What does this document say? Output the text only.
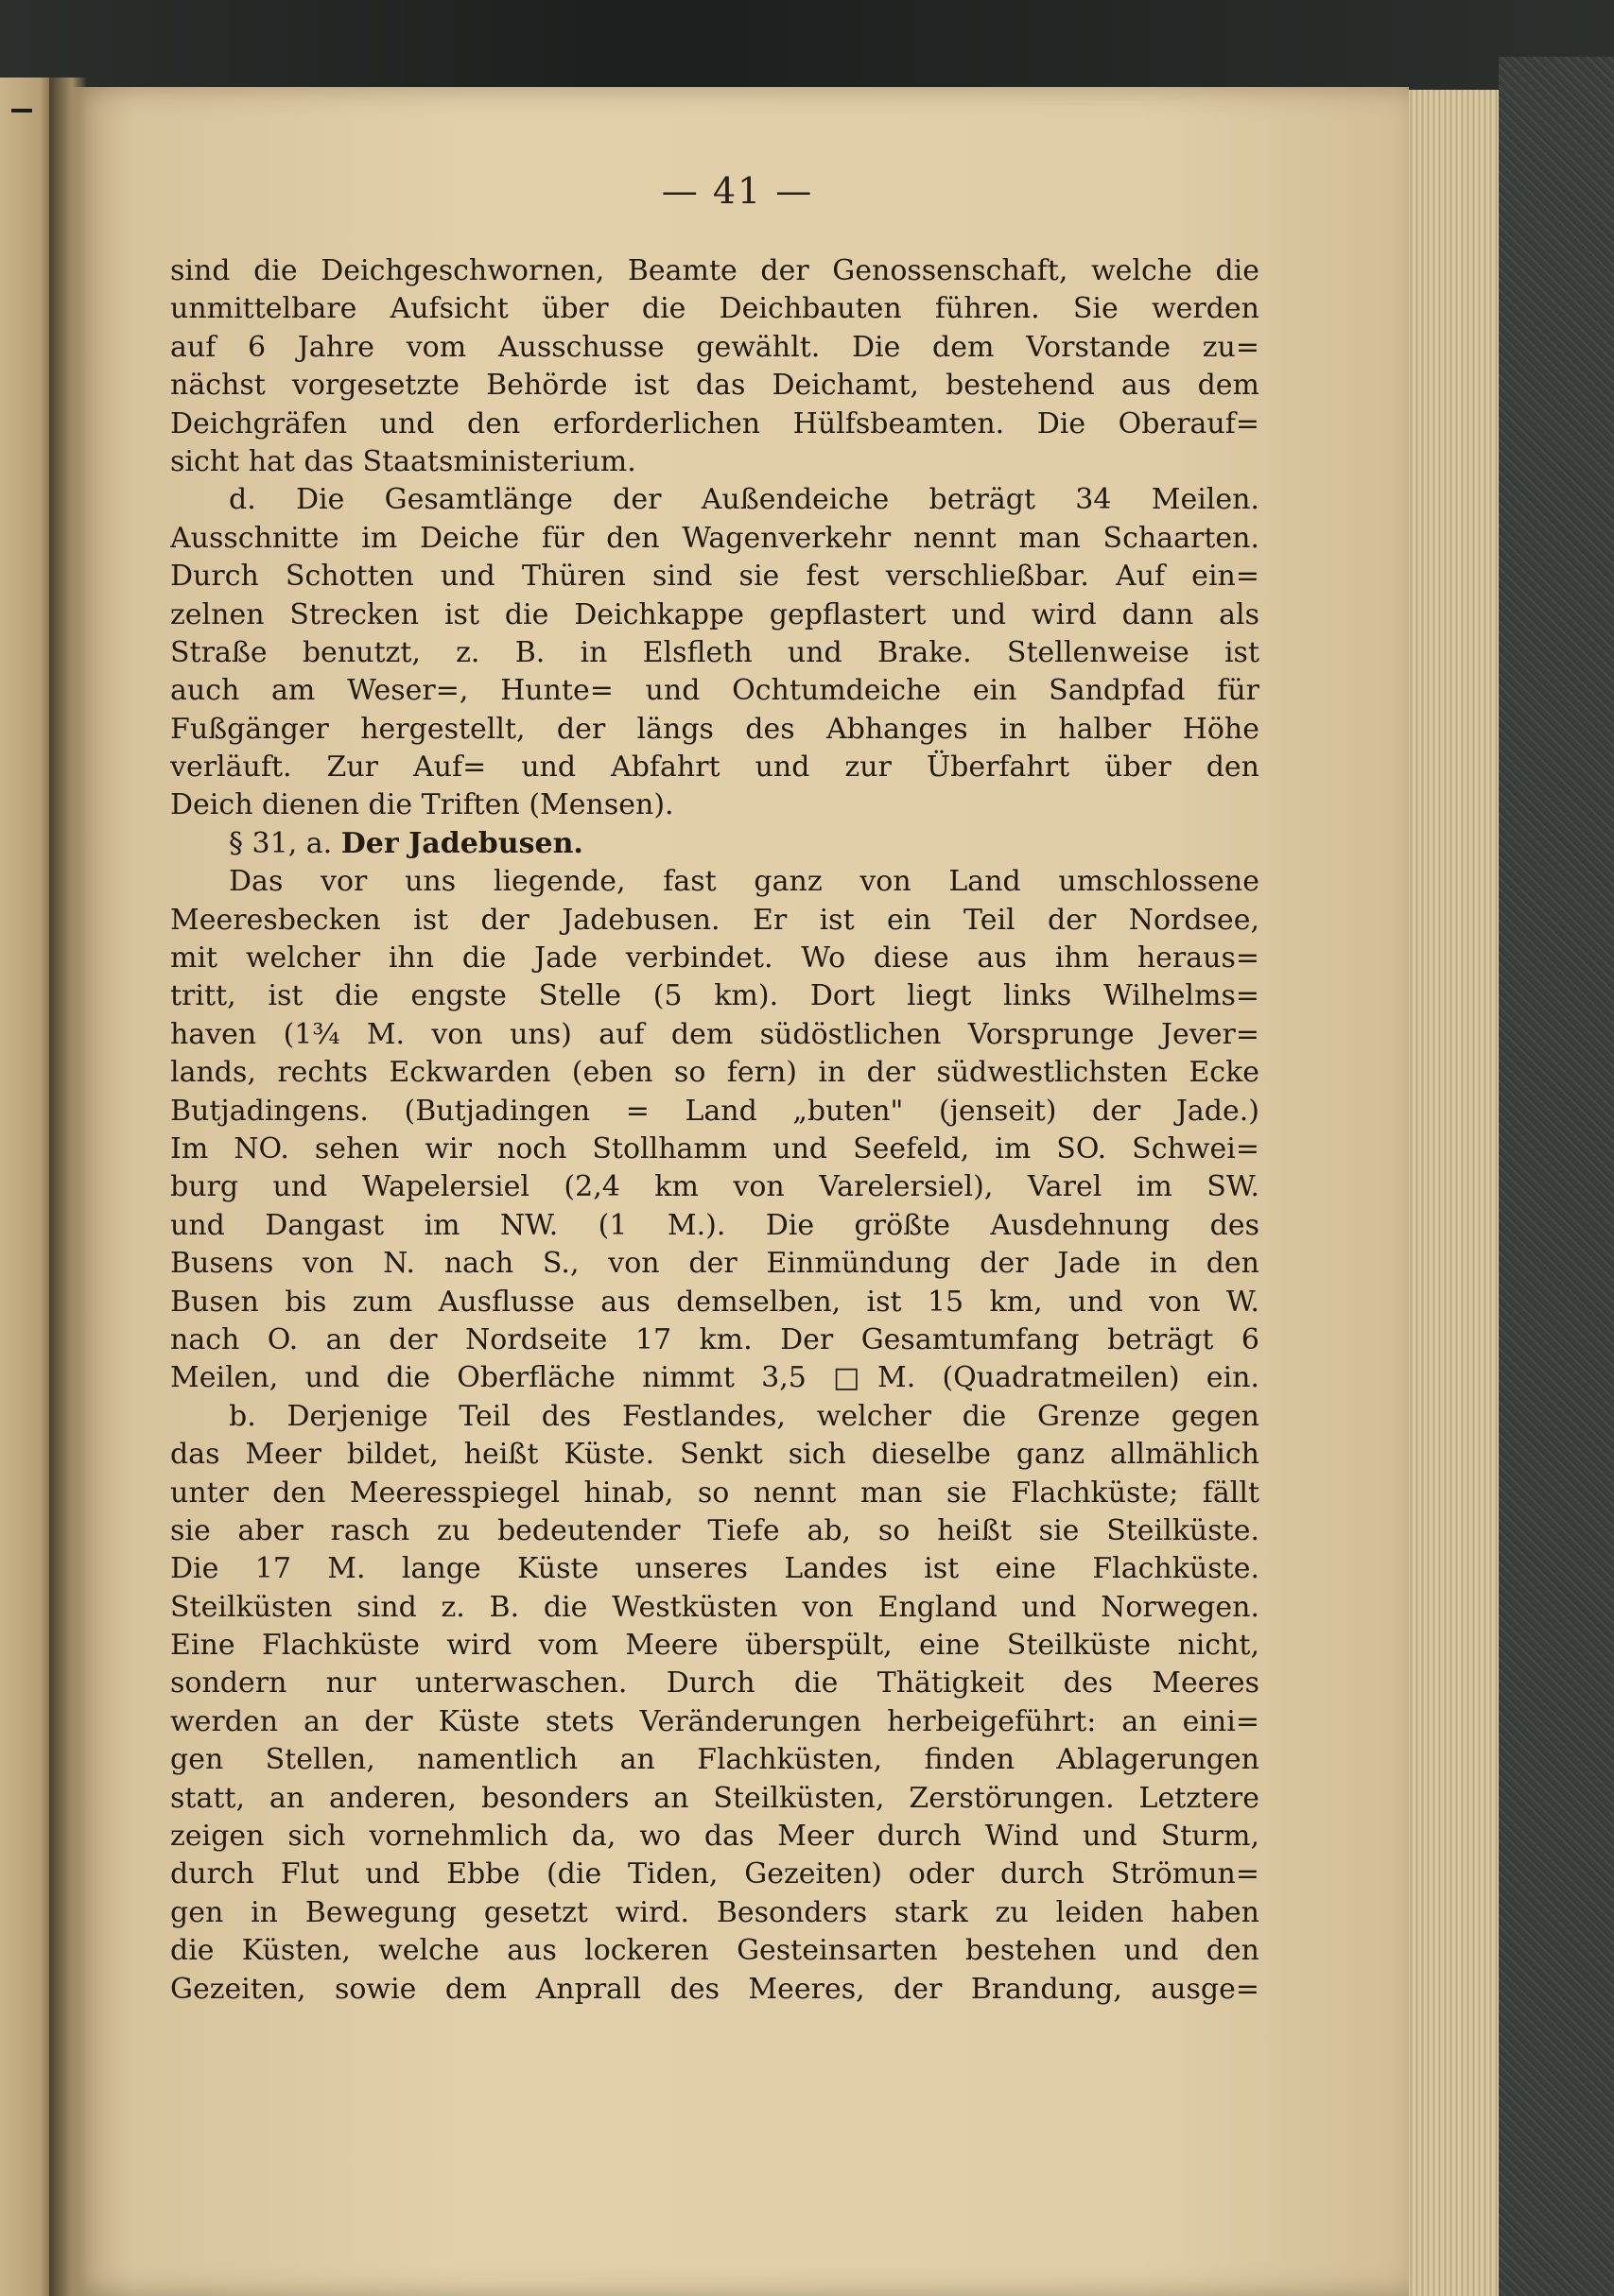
— 41 —
sind die Deichgeschwornen, Beamte der Genossenschaft, welche die
unmittelbare Aufsicht über die Deichbauten führen. Sie werden
auf 6 Jahre vom Ausschusse gewählt. Die dem Vorstande zu=
nächst vorgesetzte Behörde ist das Deichamt, bestehend aus dem
Deichgräfen und den erforderlichen Hülfsbeamten. Die Oberauf=
sicht hat das Staatsministerium.
d. Die Gesamtlänge der Außendeiche beträgt 34 Meilen.
Ausschnitte im Deiche für den Wagenverkehr nennt man Schaarten.
Durch Schotten und Thüren sind sie fest verschließbar. Auf ein=
zelnen Strecken ist die Deichkappe gepflastert und wird dann als
Straße benutzt, z. B. in Elsfleth und Brake. Stellenweise ist
auch am Weser=, Hunte= und Ochtumdeiche ein Sandpfad für
Fußgänger hergestellt, der längs des Abhanges in halber Höhe
verläuft. Zur Auf= und Abfahrt und zur Überfahrt über den
Deich dienen die Triften (Mensen).
§ 31, a. Der Jadebusen.
Das vor uns liegende, fast ganz von Land umschlossene
Meeresbecken ist der Jadebusen. Er ist ein Teil der Nordsee,
mit welcher ihn die Jade verbindet. Wo diese aus ihm heraus=
tritt, ist die engste Stelle (5 km). Dort liegt links Wilhelms=
haven (1¾ M. von uns) auf dem südöstlichen Vorsprunge Jever=
lands, rechts Eckwarden (eben so fern) in der südwestlichsten Ecke
Butjadingens. (Butjadingen = Land „buten" (jenseit) der Jade.)
Im NO. sehen wir noch Stollhamm und Seefeld, im SO. Schwei=
burg und Wapelersiel (2,4 km von Varelersiel), Varel im SW.
und Dangast im NW. (1 M.). Die größte Ausdehnung des
Busens von N. nach S., von der Einmündung der Jade in den
Busen bis zum Ausflusse aus demselben, ist 15 km, und von W.
nach O. an der Nordseite 17 km. Der Gesamtumfang beträgt 6
Meilen, und die Oberfläche nimmt 3,5 □M. (Quadratmeilen) ein.
b. Derjenige Teil des Festlandes, welcher die Grenze gegen
das Meer bildet, heißt Küste. Senkt sich dieselbe ganz allmählich
unter den Meeresspiegel hinab, so nennt man sie Flachküste; fällt
sie aber rasch zu bedeutender Tiefe ab, so heißt sie Steilküste.
Die 17 M. lange Küste unseres Landes ist eine Flachküste.
Steilküsten sind z. B. die Westküsten von England und Norwegen.
Eine Flachküste wird vom Meere überspült, eine Steilküste nicht,
sondern nur unterwaschen. Durch die Thätigkeit des Meeres
werden an der Küste stets Veränderungen herbeigeführt: an eini=
gen Stellen, namentlich an Flachküsten, finden Ablagerungen
statt, an anderen, besonders an Steilküsten, Zerstörungen. Letztere
zeigen sich vornehmlich da, wo das Meer durch Wind und Sturm,
durch Flut und Ebbe (die Tiden, Gezeiten) oder durch Strömun=
gen in Bewegung gesetzt wird. Besonders stark zu leiden haben
die Küsten, welche aus lockeren Gesteinsarten bestehen und den
Gezeiten, sowie dem Anprall des Meeres, der Brandung, ausge=
